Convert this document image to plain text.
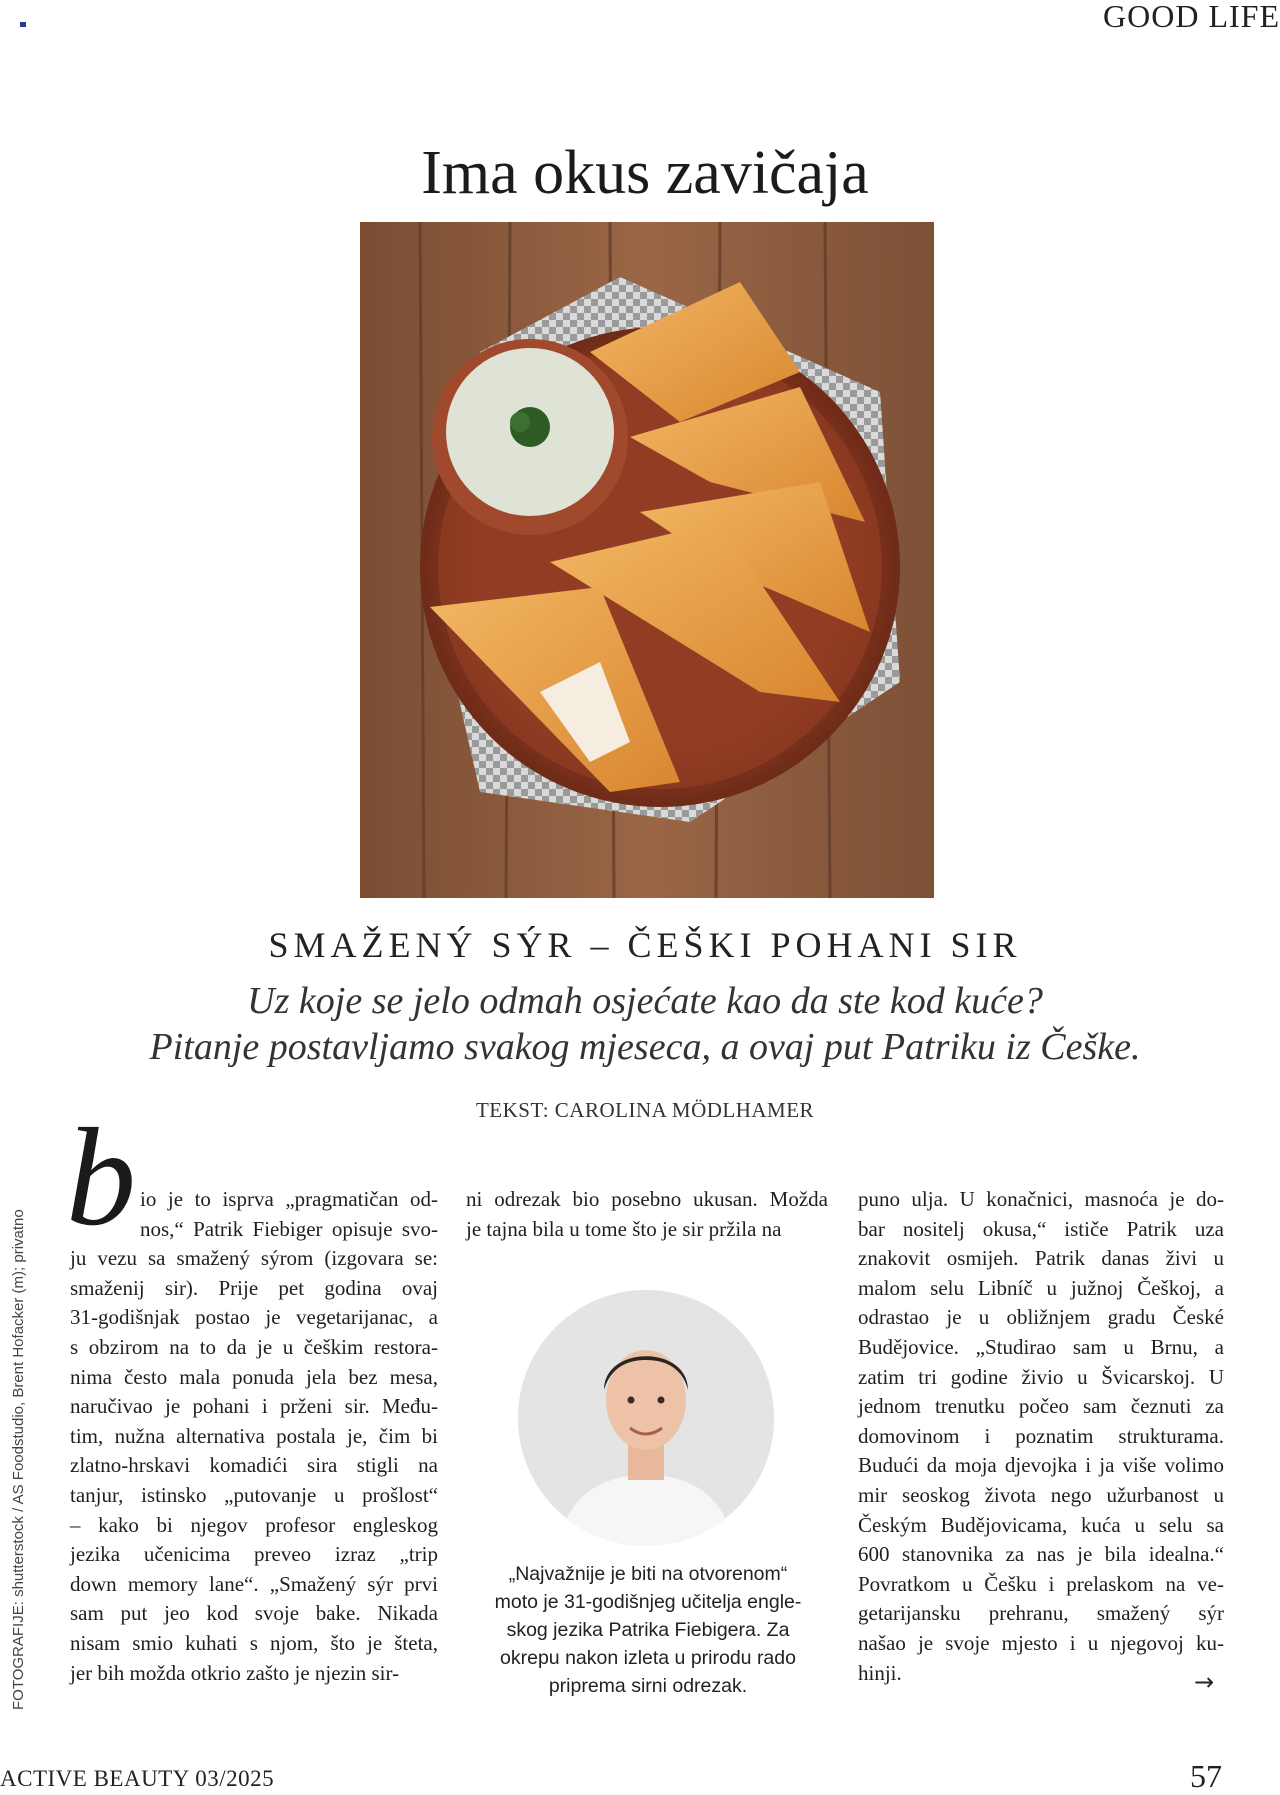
GOOD LIFE
Ima okus zavičaja
SMAŽENÝ SÝR – ČEŠKI POHANI SIR
Uz koje se jelo odmah osjećate kao da ste kod kuće?
Pitanje postavljamo svakog mjeseca, a ovaj put Patriku iz Češke.
TEKST: CAROLINA MÖDLHAMER
FOTOGRAFIJE: shutterstock / AS Foodstudio, Brent Hofacker (m); privatno
b io je to isprva „pragmatičan od-
nos,“ Patrik Fiebiger opisuje svo-
ju vezu sa smažený sýrom (izgovara se:
smaženij sir). Prije pet godina ovaj
31-godišnjak postao je vegetarijanac, a
s obzirom na to da je u češkim restora-
nima često mala ponuda jela bez mesa,
naručivao je pohani i prženi sir. Među-
tim, nužna alternativa postala je, čim bi
zlatno-hrskavi komadići sira stigli na
tanjur, istinsko „putovanje u prošlost“
– kako bi njegov profesor engleskog
jezika učenicima preveo izraz „trip
down memory lane“. „Smažený sýr prvi
sam put jeo kod svoje bake. Nikada
nisam smio kuhati s njom, što je šteta,
jer bih možda otkrio zašto je njezin sir-
ni odrezak bio posebno ukusan. Možda
je tajna bila u tome što je sir pržila na
puno ulja. U konačnici, masnoća je do-
bar nositelj okusa,“ ističe Patrik uza
znakovit osmijeh. Patrik danas živi u
malom selu Libníč u južnoj Češkoj, a
odrastao je u obližnjem gradu České
Budějovice. „Studirao sam u Brnu, a
zatim tri godine živio u Švicarskoj. U
jednom trenutku počeo sam čeznuti za
domovinom i poznatim strukturama.
Budući da moja djevojka i ja više volimo
mir seoskog života nego užurbanost u
Českým Budějovicama, kuća u selu sa
600 stanovnika za nas je bila idealna.“
Povratkom u Češku i prelaskom na ve-
getarijansku prehranu, smažený sýr
našao je svoje mjesto i u njegovoj ku-
hinji.
„Najvažnije je biti na otvorenom“
moto je 31-godišnjeg učitelja engle-
skog jezika Patrika Fiebigera. Za
okrepu nakon izleta u prirodu rado
priprema sirni odrezak.	→
ACTIVE BEAUTY 03/2025	57
